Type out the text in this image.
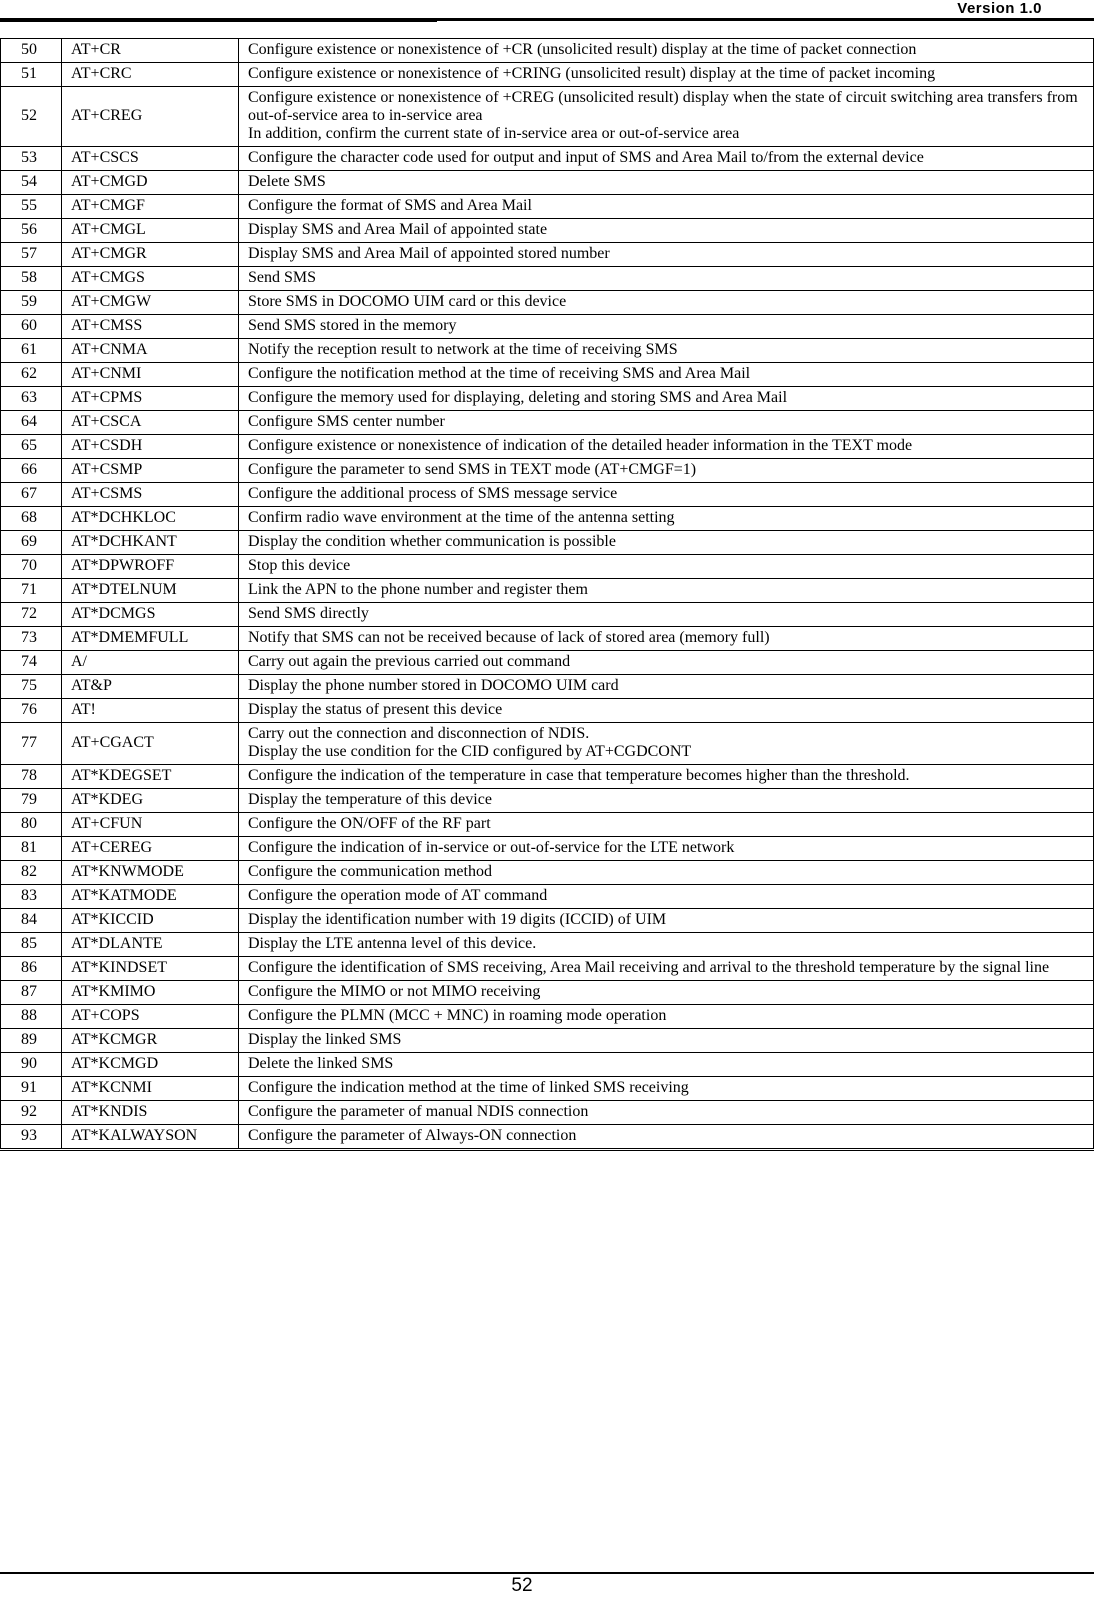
Version 1.0
50	AT+CR	Configure existence or nonexistence of +CR (unsolicited result) display at the time of packet connection
51	AT+CRC	Configure existence or nonexistence of +CRING (unsolicited result) display at the time of packet incoming
52	AT+CREG	Configure existence or nonexistence of +CREG (unsolicited result) display when the state of circuit switching area transfers from out-of-service area to in-service area
In addition, confirm the current state of in-service area or out-of-service area
53	AT+CSCS	Configure the character code used for output and input of SMS and Area Mail to/from the external device
54	AT+CMGD	Delete SMS
55	AT+CMGF	Configure the format of SMS and Area Mail
56	AT+CMGL	Display SMS and Area Mail of appointed state
57	AT+CMGR	Display SMS and Area Mail of appointed stored number
58	AT+CMGS	Send SMS
59	AT+CMGW	Store SMS in DOCOMO UIM card or this device
60	AT+CMSS	Send SMS stored in the memory
61	AT+CNMA	Notify the reception result to network at the time of receiving SMS
62	AT+CNMI	Configure the notification method at the time of receiving SMS and Area Mail
63	AT+CPMS	Configure the memory used for displaying, deleting and storing SMS and Area Mail
64	AT+CSCA	Configure SMS center number
65	AT+CSDH	Configure existence or nonexistence of indication of the detailed header information in the TEXT mode
66	AT+CSMP	Configure the parameter to send SMS in TEXT mode (AT+CMGF=1)
67	AT+CSMS	Configure the additional process of SMS message service
68	AT*DCHKLOC	Confirm radio wave environment at the time of the antenna setting
69	AT*DCHKANT	Display the condition whether communication is possible
70	AT*DPWROFF	Stop this device
71	AT*DTELNUM	Link the APN to the phone number and register them
72	AT*DCMGS	Send SMS directly
73	AT*DMEMFULL	Notify that SMS can not be received because of lack of stored area (memory full)
74	A/	Carry out again the previous carried out command
75	AT&P	Display the phone number stored in DOCOMO UIM card
76	AT!	Display the status of present this device
77	AT+CGACT	Carry out the connection and disconnection of NDIS.
Display the use condition for the CID configured by AT+CGDCONT
78	AT*KDEGSET	Configure the indication of the temperature in case that temperature becomes higher than the threshold.
79	AT*KDEG	Display the temperature of this device
80	AT+CFUN	Configure the ON/OFF of the RF part
81	AT+CEREG	Configure the indication of in-service or out-of-service for the LTE network
82	AT*KNWMODE	Configure the communication method
83	AT*KATMODE	Configure the operation mode of AT command
84	AT*KICCID	Display the identification number with 19 digits (ICCID) of UIM
85	AT*DLANTE	Display the LTE antenna level of this device.
86	AT*KINDSET	Configure the identification of SMS receiving, Area Mail receiving and arrival to the threshold temperature by the signal line
87	AT*KMIMO	Configure the MIMO or not MIMO receiving
88	AT+COPS	Configure the PLMN (MCC + MNC) in roaming mode operation
89	AT*KCMGR	Display the linked SMS
90	AT*KCMGD	Delete the linked SMS
91	AT*KCNMI	Configure the indication method at the time of linked SMS receiving
92	AT*KNDIS	Configure the parameter of manual NDIS connection
93	AT*KALWAYSON	Configure the parameter of Always-ON connection
52
